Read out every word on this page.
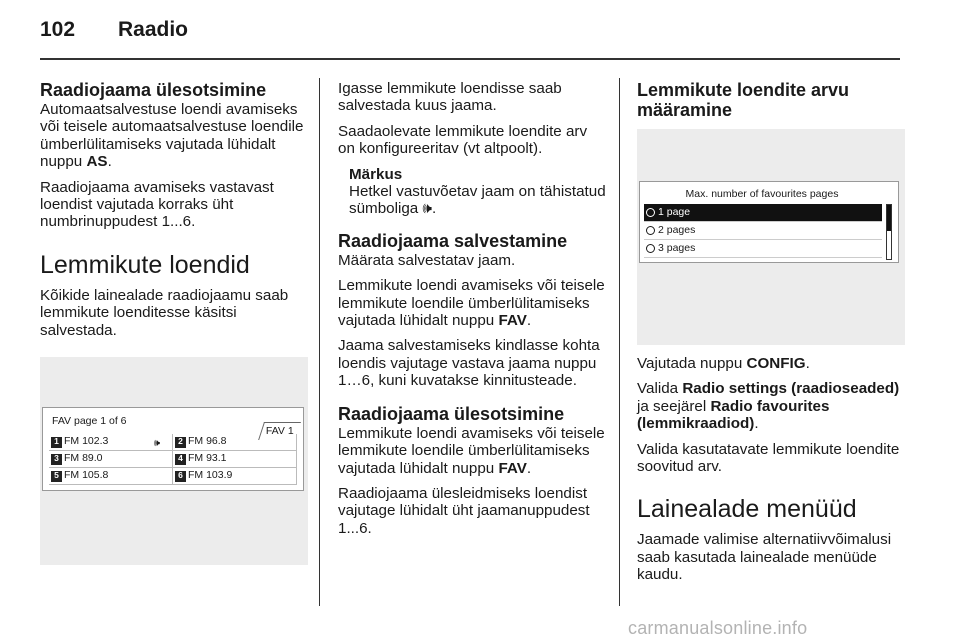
102	Raadio
Raadiojaama ülesotsimine

Automaatsalvestuse loendi avamiseks või teisele automaatsalvestuse loendile ümberlülitamiseks vajutada lühidalt nuppu AS.

Raadiojaama avamiseks vastavast loendist vajutada korraks üht numbrinuppudest 1...6.

Lemmikute loendid

Kõikide lainealade raadiojaamu saab lemmikute loenditesse käsitsi salvestada.

FAV page 1 of 6
FAV 1
1 FM 102.3	🕪	2 FM 96.8
3 FM 89.0	4 FM 93.1
5 FM 105.8	6 FM 103.9

Igasse lemmikute loendisse saab salvestada kuus jaama.

Saadaolevate lemmikute loendite arv on konfigureeritav (vt altpoolt).

Märkus
Hetkel vastuvõetav jaam on tähistatud sümboliga 🕪.
Raadiojaama salvestamine

Määrata salvestatav jaam.

Lemmikute loendi avamiseks või teisele lemmikute loendile ümberlülitamiseks vajutada lühidalt nuppu FAV.

Jaama salvestamiseks kindlasse kohta loendis vajutage vastava jaama nuppu 1…6, kuni kuvatakse kinnitusteade.

Raadiojaama ülesotsimine

Lemmikute loendi avamiseks või teisele lemmikute loendile ümberlülitamiseks vajutada lühidalt nuppu FAV.

Raadiojaama ülesleidmiseks loendist vajutage lühidalt üht jaamanuppudest 1...6.

Lemmikute loendite arvu määramine
Max. number of favourites pages
1 page
2 pages
3 pages

Vajutada nuppu CONFIG.

Valida Radio settings (raadioseaded) ja seejärel Radio favourites (lemmikraadiod).

Valida kasutatavate lemmikute loendite soovitud arv.

Lainealade menüüd

Jaamade valimise alternatiivvõimalusi saab kasutada lainealade menüüde kaudu.

carmanualsonline.info
